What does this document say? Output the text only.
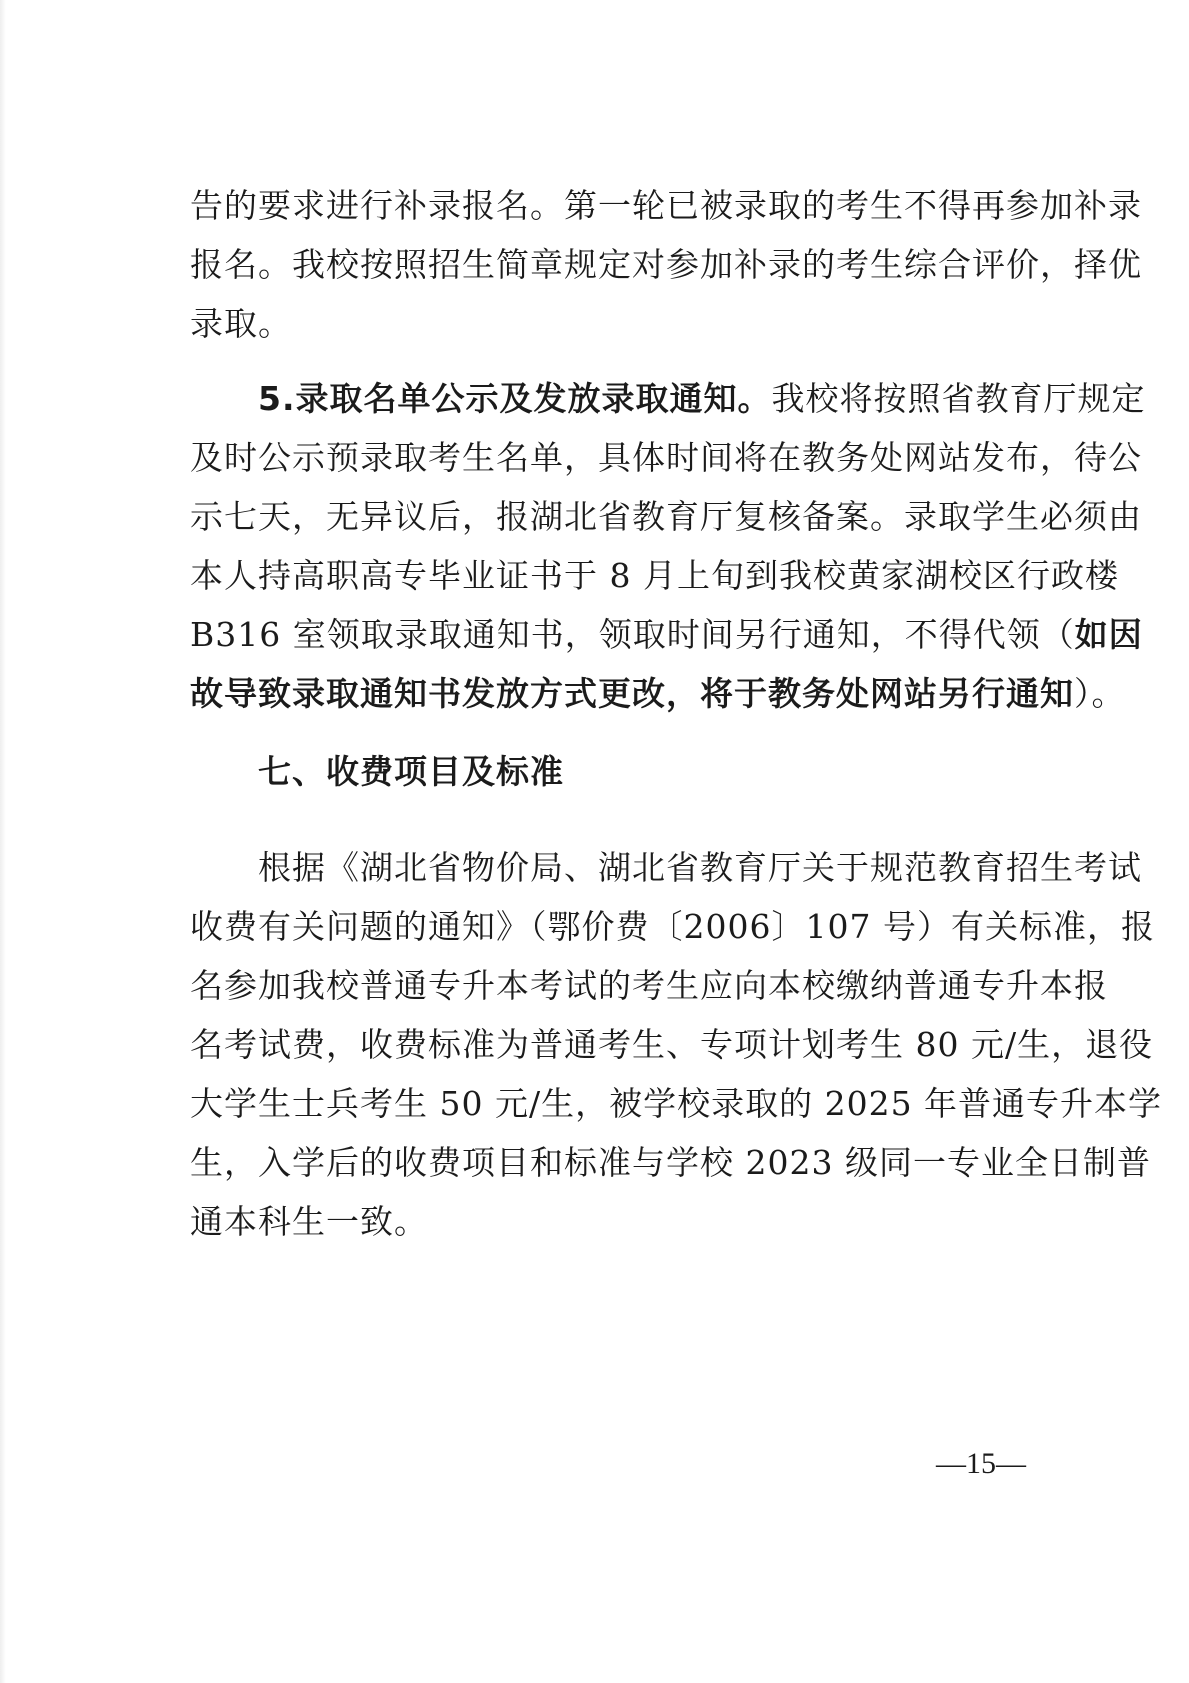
告的要求进行补录报名。第一轮已被录取的考生不得再参加补录
报名。我校按照招生简章规定对参加补录的考生综合评价，择优
录取。
5.录取名单公示及发放录取通知。我校将按照省教育厅规定
及时公示预录取考生名单，具体时间将在教务处网站发布，待公
示七天，无异议后，报湖北省教育厅复核备案。录取学生必须由
本人持高职高专毕业证书于 8 月上旬到我校黄家湖校区行政楼
B316 室领取录取通知书，领取时间另行通知，不得代领（如因
故导致录取通知书发放方式更改，将于教务处网站另行通知）。
七、收费项目及标准
根据《湖北省物价局、湖北省教育厅关于规范教育招生考试
收费有关问题的通知》（鄂价费〔2006〕107 号）有关标准，报
名参加我校普通专升本考试的考生应向本校缴纳普通专升本报
名考试费，收费标准为普通考生、专项计划考生 80 元/生，退役
大学生士兵考生 50 元/生，被学校录取的 2025 年普通专升本学
生，入学后的收费项目和标准与学校 2023 级同一专业全日制普
通本科生一致。
—15—
